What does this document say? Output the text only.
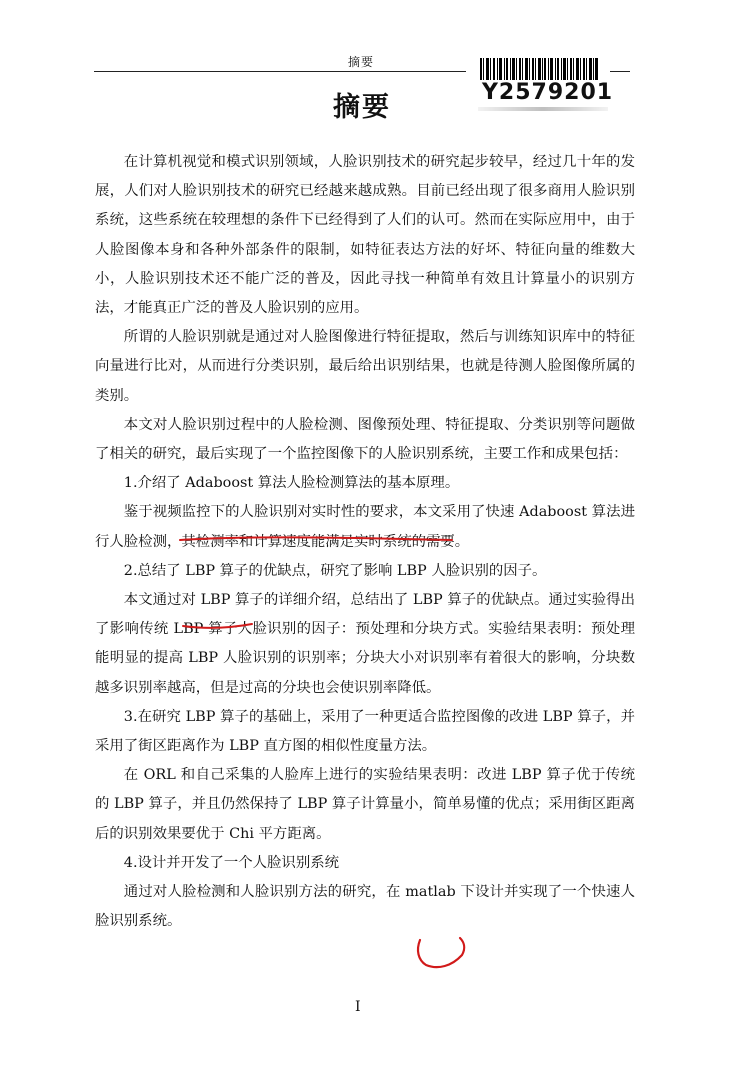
摘要
Y2579201
摘要

在计算机视觉和模式识别领域，人脸识别技术的研究起步较早，经过几十年的发展，人们对人脸识别技术的研究已经越来越成熟。目前已经出现了很多商用人脸识别系统，这些系统在较理想的条件下已经得到了人们的认可。然而在实际应用中，由于人脸图像本身和各种外部条件的限制，如特征表达方法的好坏、特征向量的维数大小，人脸识别技术还不能广泛的普及，因此寻找一种简单有效且计算量小的识别方法，才能真正广泛的普及人脸识别的应用。

所谓的人脸识别就是通过对人脸图像进行特征提取，然后与训练知识库中的特征向量进行比对，从而进行分类识别，最后给出识别结果，也就是待测人脸图像所属的类别。

本文对人脸识别过程中的人脸检测、图像预处理、特征提取、分类识别等问题做了相关的研究，最后实现了一个监控图像下的人脸识别系统，主要工作和成果包括：

1.介绍了 Adaboost 算法人脸检测算法的基本原理。

鉴于视频监控下的人脸识别对实时性的要求，本文采用了快速 Adaboost 算法进行人脸检测，其检测率和计算速度能满足实时系统的需要。

2.总结了 LBP 算子的优缺点，研究了影响 LBP 人脸识别的因子。

本文通过对 LBP 算子的详细介绍，总结出了 LBP 算子的优缺点。通过实验得出了影响传统 LBP 算子人脸识别的因子：预处理和分块方式。实验结果表明：预处理能明显的提高 LBP 人脸识别的识别率；分块大小对识别率有着很大的影响，分块数越多识别率越高，但是过高的分块也会使识别率降低。

3.在研究 LBP 算子的基础上，采用了一种更适合监控图像的改进 LBP 算子，并采用了街区距离作为 LBP 直方图的相似性度量方法。

在 ORL 和自己采集的人脸库上进行的实验结果表明：改进 LBP 算子优于传统的 LBP 算子，并且仍然保持了 LBP 算子计算量小，简单易懂的优点；采用街区距离后的识别效果要优于 Chi 平方距离。

4.设计并开发了一个人脸识别系统

通过对人脸检测和人脸识别方法的研究，在 matlab 下设计并实现了一个快速人脸识别系统。

I
